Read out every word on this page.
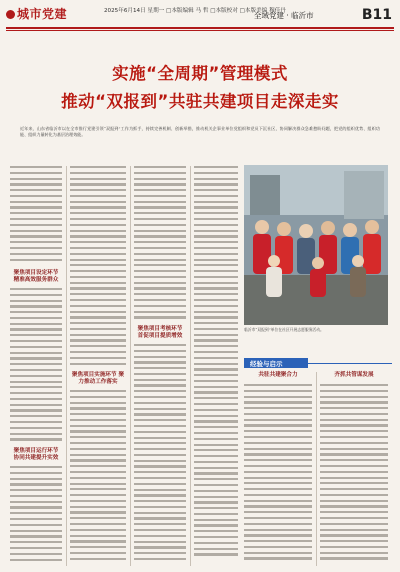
城市党建	2025年6月14日 星期一 □本版编辑 马 哲 □本版校对 □本版美编 穆佳丹
全域党建 · 临沂市	B11
实施“全周期”管理模式
推动“双报到”共驻共建项目走深走实
近年来，山东省临沂市以在全市推行党建引领“双报到”工作为抓手，持续完善机制、创新举措，推动机关企事业单位党组织和党员下沉社区，协同解决群众急难愁盼问题，把党的组织优势、组织功能、组织力量转化为基层治理效能。
聚焦项目设定环节 精准高效服务群众
聚焦项目运行环节 协同共建提升实效
聚焦项目实施环节 聚力推动工作落实
聚焦项目考核环节 首促项目提质增效
临沂市“双报到”单位在社区开展志愿服务活动。
经验与启示
共驻共建聚合力	齐抓共管谋发展
